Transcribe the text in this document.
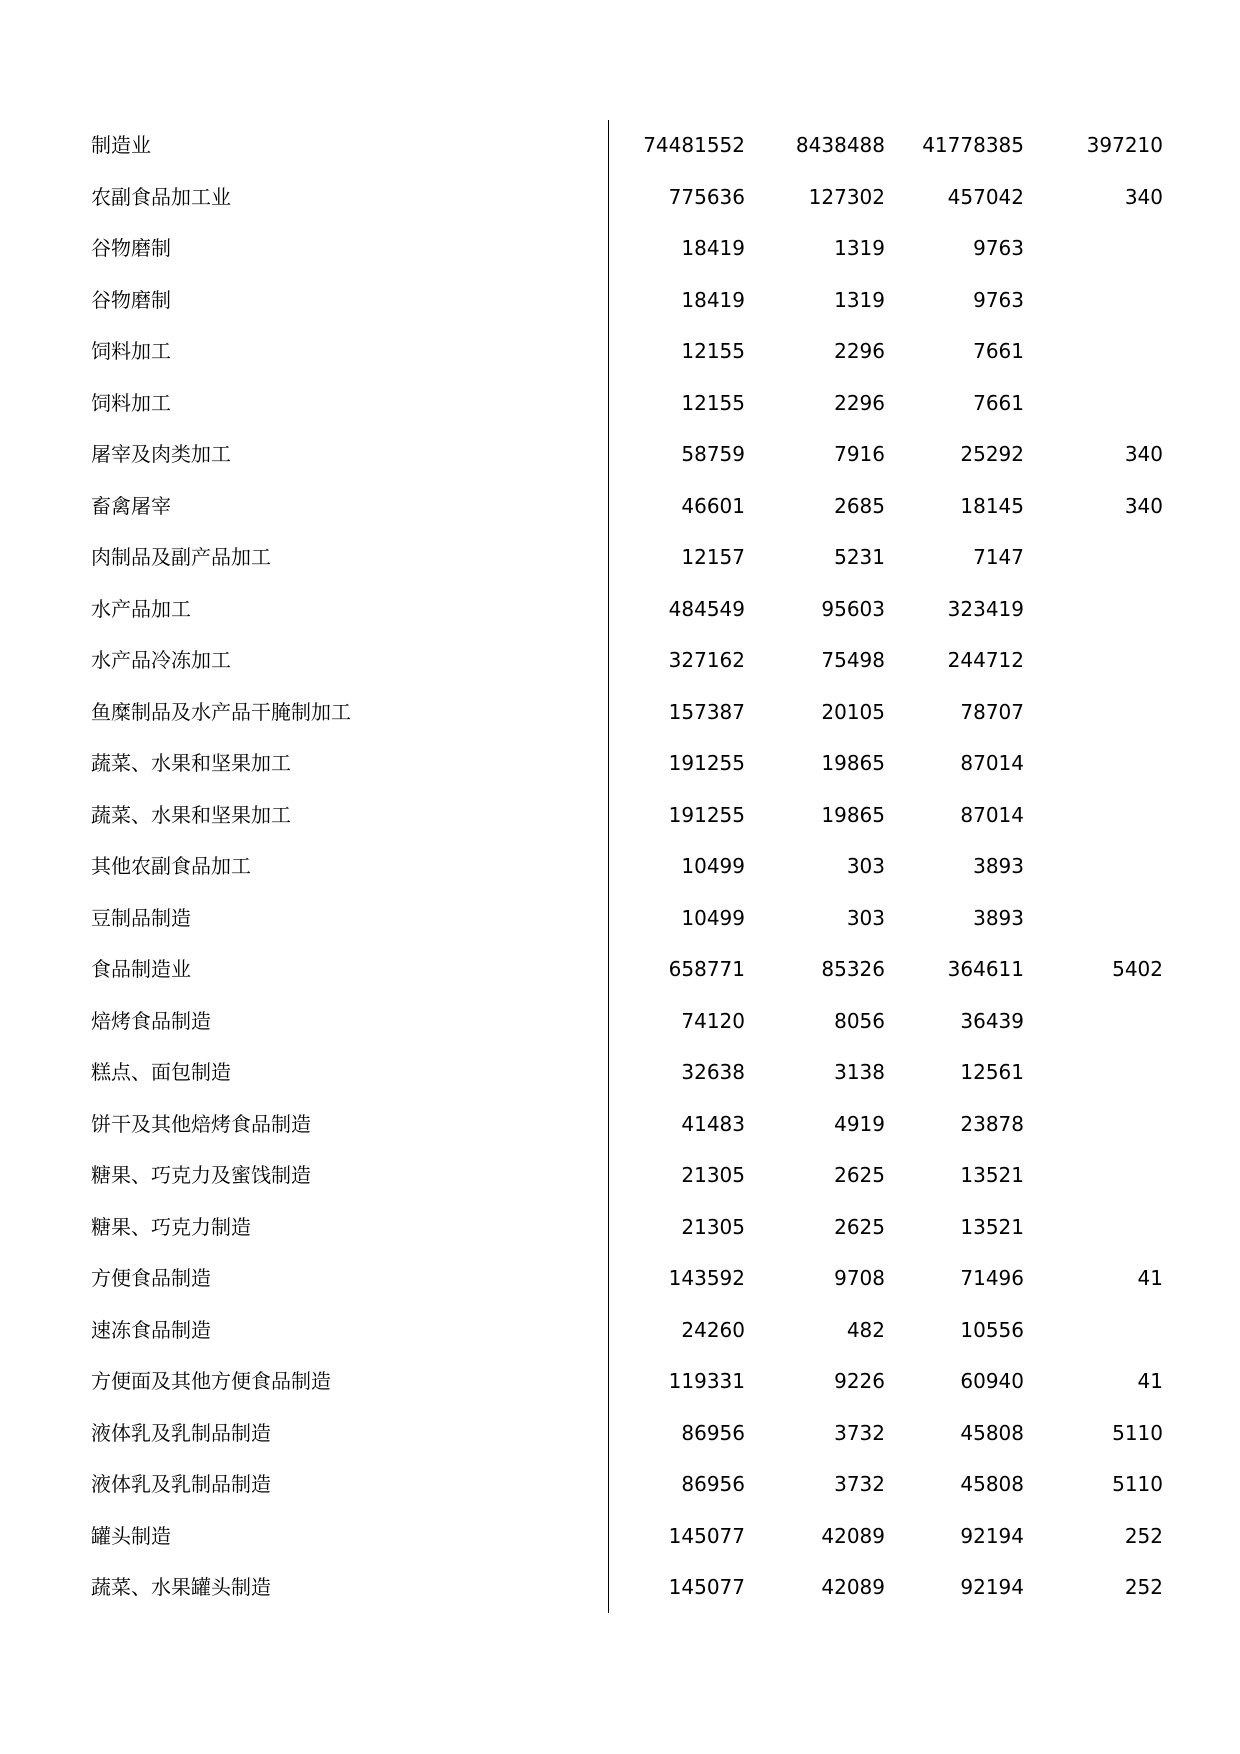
制造业	74481552	8438488	41778385	397210
农副食品加工业	775636	127302	457042	340
谷物磨制	18419	1319	9763
谷物磨制	18419	1319	9763
饲料加工	12155	2296	7661
饲料加工	12155	2296	7661
屠宰及肉类加工	58759	7916	25292	340
畜禽屠宰	46601	2685	18145	340
肉制品及副产品加工	12157	5231	7147
水产品加工	484549	95603	323419
水产品冷冻加工	327162	75498	244712
鱼糜制品及水产品干腌制加工	157387	20105	78707
蔬菜、水果和坚果加工	191255	19865	87014
蔬菜、水果和坚果加工	191255	19865	87014
其他农副食品加工	10499	303	3893
豆制品制造	10499	303	3893
食品制造业	658771	85326	364611	5402
焙烤食品制造	74120	8056	36439
糕点、面包制造	32638	3138	12561
饼干及其他焙烤食品制造	41483	4919	23878
糖果、巧克力及蜜饯制造	21305	2625	13521
糖果、巧克力制造	21305	2625	13521
方便食品制造	143592	9708	71496	41
速冻食品制造	24260	482	10556
方便面及其他方便食品制造	119331	9226	60940	41
液体乳及乳制品制造	86956	3732	45808	5110
液体乳及乳制品制造	86956	3732	45808	5110
罐头制造	145077	42089	92194	252
蔬菜、水果罐头制造	145077	42089	92194	252
